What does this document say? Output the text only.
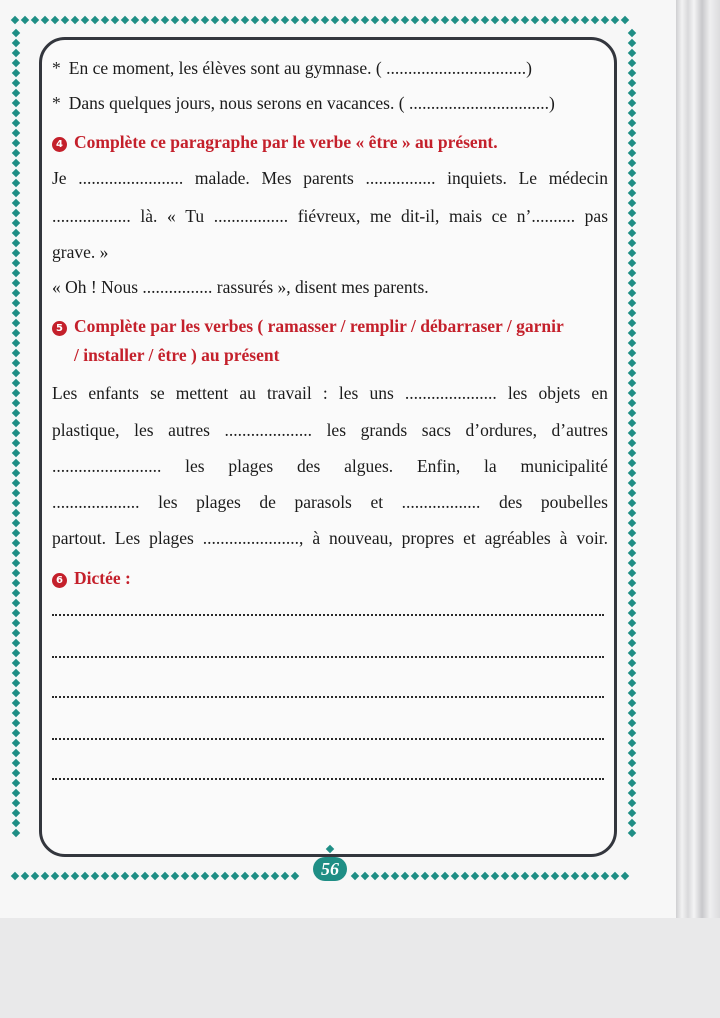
* En ce moment, les élèves sont au gymnase. ( ................................)
* Dans quelques jours, nous serons en vacances. ( ................................)
4 Complète ce paragraphe par le verbe « être » au présent.
Je ........................ malade. Mes parents ................ inquiets. Le médecin
.................. là. « Tu ................. fiévreux, me dit-il, mais ce n’.......... pas
grave. »
« Oh ! Nous ................ rassurés », disent mes parents.
5 Complète par les verbes ( ramasser / remplir / débarraser / garnir
/ installer / être ) au présent
Les enfants se mettent au travail : les uns ..................... les objets en
plastique, les autres .................... les grands sacs d’ordures, d’autres
......................... les plages des algues. Enfin, la municipalité
.................... les plages de parasols et .................. des poubelles
partout. Les plages ......................, à nouveau, propres et agréables à voir.
6 Dictée :
56
